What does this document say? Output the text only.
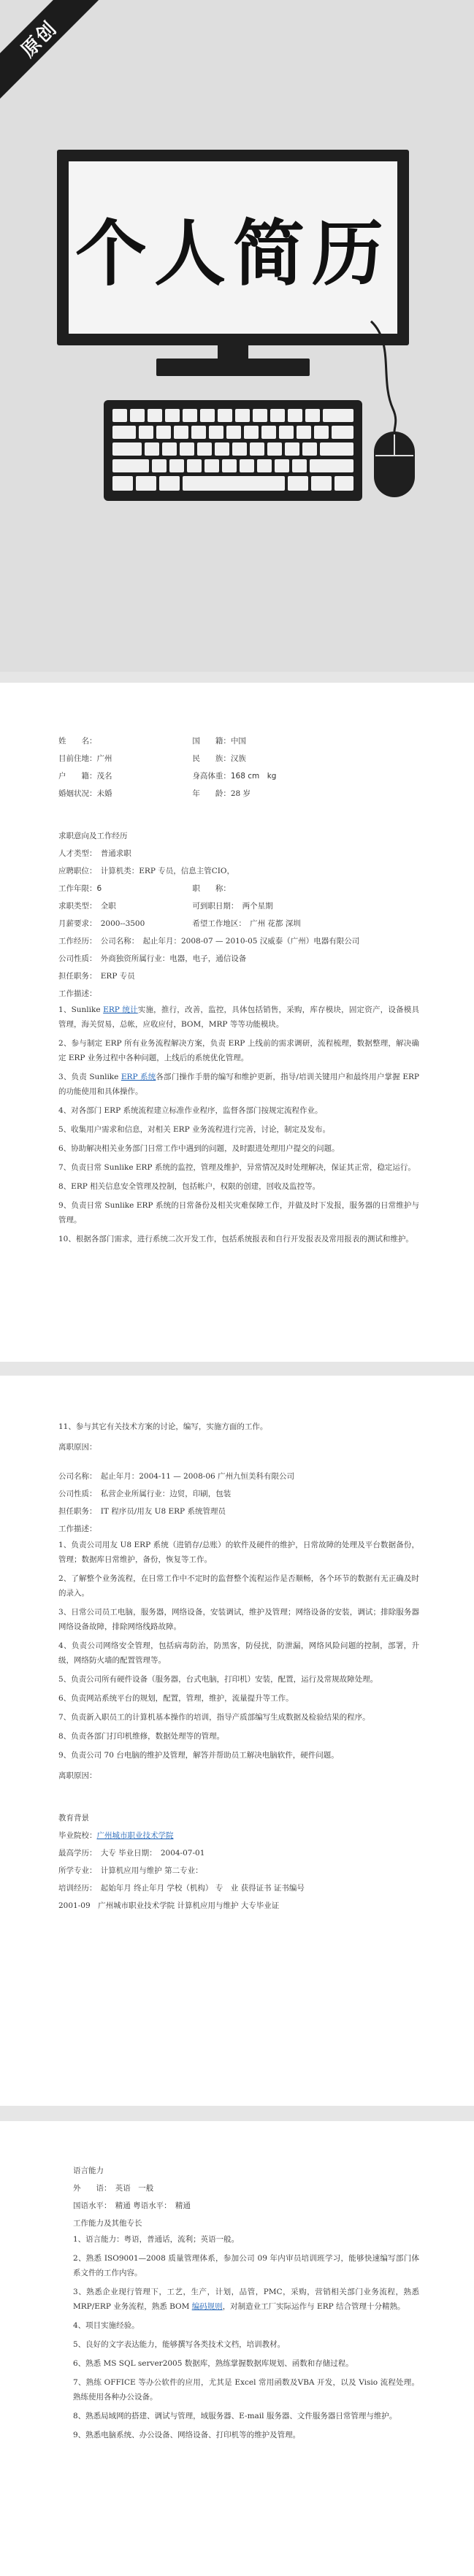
原创
个人简历
姓　　名：	国　　籍：中国
目前住地：广州	民　　族：汉族
户　　籍：茂名	身高体重：168 cm　kg
婚姻状况：未婚	年　　龄：28 岁
求职意向及工作经历
人才类型：　普通求职
应聘职位：　计算机类：ERP 专员，信息主管CIO，
工作年限：6	职　　称：
求职类型：　全职	可到职日期：　两个星期
月薪要求：　2000--3500	希望工作地区：　广州 花都 深圳
工作经历：　公司名称：　起止年月：2008-07 — 2010-05 汉威泰（广州）电器有限公司
公司性质：　外商独资所属行业：电器，电子，通信设备
担任职务：　ERP 专员
工作描述：
1、Sunlike ERP 统计实施，推行，改善，监控，具体包括销售，采购，库存模块，固定资产，设备模具管理，海关贸易，总帐，应收应付，BOM，MRP 等等功能模块。
2、参与制定 ERP 所有业务流程解决方案，负责 ERP 上线前的需求调研，流程梳理，数据整理，解决确定 ERP 业务过程中各种问题，上线后的系统优化管理。
3、负责 Sunlike ERP 系统各部门操作手册的编写和维护更新，指导/培训关键用户和最终用户掌握 ERP 的功能使用和具体操作。
4、对各部门 ERP 系统流程建立标准作业程序，监督各部门按规定流程作业。
5、收集用户需求和信息，对相关 ERP 业务流程进行完善，讨论，制定及发布。
6、协助解决相关业务部门日常工作中遇到的问题，及时跟进处理用户提交的问题。
7、负责日常 Sunlike ERP 系统的监控，管理及维护，异常情况及时处理解决，保证其正常，稳定运行。
8、ERP 相关信息安全管理及控制，包括帐户，权限的创建，回收及监控等。
9、负责日常 Sunlike ERP 系统的日常备份及相关灾难保障工作，并做及时下发报，服务器的日常维护与管理。
10、根据各部门需求，进行系统二次开发工作，包括系统报表和自行开发报表及常用报表的测试和维护。
11、参与其它有关技术方案的讨论，编写，实施方面的工作。
离职原因：
公司名称：　起止年月：2004-11 — 2008-06 广州九恒美科有限公司
公司性质：　私营企业所属行业：边贸，印刷，包装
担任职务：　IT 程序员/用友 U8 ERP 系统管理员
工作描述：
1、负责公司用友 U8 ERP 系统（进销存/总账）的软件及硬件的维护，日常故障的处理及平台数据备份，管理；数据库日常维护，备份，恢复等工作。
2、了解整个业务流程，在日常工作中不定时的监督整个流程运作是否顺畅，各个环节的数据有无正确及时的录入。
3、日常公司员工电脑，服务器，网络设备，安装调试，维护及管理；网络设备的安装，调试；排除服务器网络设备故障，排除网络线路故障。
4、负责公司网络安全管理，包括病毒防治，防黑客，防侵扰，防泄漏，网络风险问题的控制，部署，升级，网络防火墙的配置管理等。
5、负责公司所有硬件设备（服务器，台式电脑，打印机）安装，配置，运行及常规故障处理。
6、负责网站系统平台的规划，配置，管理，维护，流量提升等工作。
7、负责新入职员工的计算机基本操作的培训，指导产质部编写生成数据及检验结果的程序。
8、负责各部门打印机维修，数据处理等的管理。
9、负责公司 70 台电脑的维护及管理，解答并帮助员工解决电脑软件，硬件问题。
离职原因：
教育背景
毕业院校：广州城市职业技术学院
最高学历：　大专 毕业日期：　2004-07-01
所学专业：　计算机应用与维护 第二专业：
培训经历：　起始年月 终止年月 学校（机构） 专　业 获得证书 证书编号
2001-09　广州城市职业技术学院 计算机应用与维护 大专毕业证
语言能力
外　　语：　英语　一般
国语水平：　精通 粤语水平：　精通
工作能力及其他专长
1、语言能力：粤语，普通话，流利；英语一般。
2、熟悉 ISO9001—2008 质量管理体系，参加公司 09 年内审员培训班学习，能够快速编写部门体系文件的工作内容。
3、熟悉企业现行管理下，工艺，生产，计划，品管，PMC，采购，营销相关部门业务流程，熟悉 MRP/ERP 业务流程，熟悉 BOM 编码规则，对制造业工厂实际运作与 ERP 结合管理十分精熟。
4、项目实施经验。
5、良好的文字表达能力，能够撰写各类技术文档，培训教材。
6、熟悉 MS SQL server2005 数据库，熟练掌握数据库规划、函数和存储过程。
7、熟练 OFFICE 等办公软件的应用，尤其是 Excel 常用函数及VBA 开发，以及 Visio 流程处理。熟练使用各种办公设备。
8、熟悉局域网的搭建、调试与管理，域服务器、E-mail 服务器、文件服务器日常管理与维护。
9、熟悉电脑系统、办公设备、网络设备、打印机等的维护及管理。
